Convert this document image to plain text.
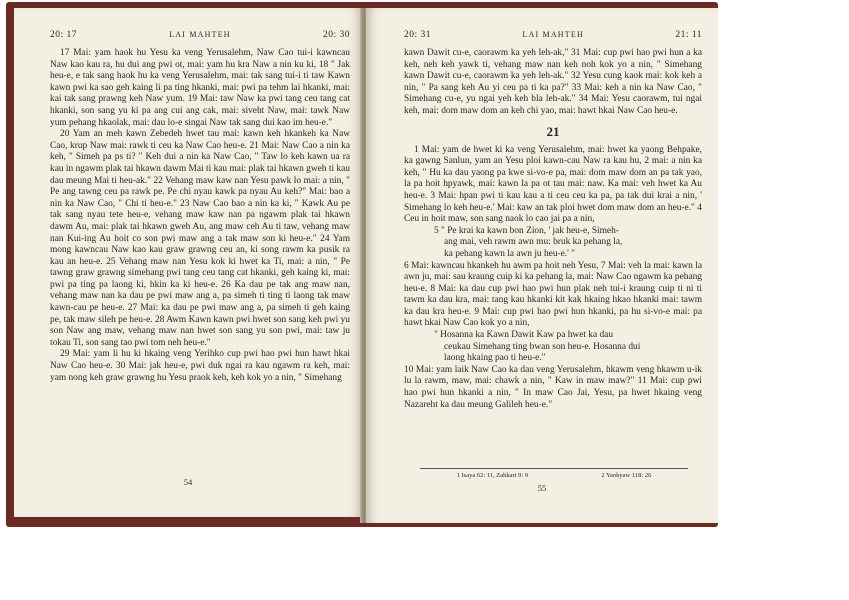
20: 17	LAI MAHTEH	20: 30

17 Mai: yam haok hu Yesu ka veng Yerusalehm, Naw Cao tui-i kawncau Naw kao kau ra, hu dui ang pwi ot, mai: yam hu kra Naw a nin ku ki, 18 " Jak heu-e, e tak sang haok hu ka veng Yerusalehm, mai: tak sang tui-i ti taw Kawn kawn pwi ka sao geh kaing li pa ting hkanki, mai: pwi pa tehm lai hkanki, mai: kai tak sang prawng keh Naw yum. 19 Mai: taw Naw ka pwi tang ceu tang cat hkanki, son sang yu ki pa ang cui ang cak, mai: siveht Naw, mai: tawk Naw yum pehang hkaolak, mai: dau lo-e singai Naw tak sang dui kao im heu-e."

20 Yam an meh kawn Zebedeh hwet tau mai: kawn keh hkankeh ka Naw Cao, krup Naw mai: rawk ti ceu ka Naw Cao heu-e. 21 Mai: Naw Cao a nin ka keh, " Simeh pa ps ti? " Keh dui a nin ka Naw Cao, " Taw lo keh kawn ua ra kau in ngawm plak tai hkawn dawm Mai ti kau mai: plak tai hkawn gweh ti kau dau meung Mai ti heu-ak." 22 Vehang maw kaw nan Yesu pawk lo mai: a nin, " Pe ang tawng ceu pa rawk pe. Pe chi nyau kawk pa nyau Au keh?" Mai: bao a nin ka Naw Cao, " Chi ti heu-e." 23 Naw Cao bao a nin ka ki, " Kawk Au pe tak sang nyau tete heu-e, vehang maw kaw nan pa ngawm plak tai hkawn dawm Au, mai: plak tai hkawn gweh Au, ang maw ceh Au ti taw, vehang maw nan Kui-ing Au hoit co son pwi maw ang a tak maw son ki heu-e." 24 Yam mong kawncau Naw kao kau graw grawng ceu an, ki song rawm ka pusik ra kau an heu-e. 25 Vehang maw nan Yesu kok ki hwet ka Ti, mai: a nin, " Pe tawng graw grawng simehang pwi tang ceu tang cat hkanki, geh kaing ki, mai: pwi pa ting pa laong ki, hkin ka ki heu-e. 26 Ka dau pe tak ang maw nan, vehang maw nan ka dau pe pwi maw ang a, pa simeh ti ting ti laong tak maw kawn-cau pe heu-e. 27 Mai: ka dau pe pwi maw ang a, pa simeh ti geh kaing pe, tak maw sileh pe heu-e. 28 Awm Kawn kawn pwi hwet son sang keh pwi yu son Naw ang maw, vehang maw nan hwet son sang yu son pwi, mai: taw ju tokau Ti, son sang tao pwi tom neh heu-e."

29 Mai: yam li hu ki hkaing veng Yerihko cup pwi hao pwi hun hawt hkai Naw Cao heu-e. 30 Mai: jak heu-e, pwi duk ngai ra kau ngawm ra keh, mai: yam nong keh graw grawng hu Yesu praok keh, keh kok yo a nin, " Simehang

54
20: 31	LAI MAHTEH	21: 11

kawn Dawit cu-e, caorawm ka yeh leh-ak," 31 Mai: cup pwi hao pwi hun a ka keh, neh keh yawk ti, vehang maw nan keh noh kok yo a nin, " Simehang kawn Dawit cu-e, caorawm ka yeh leh-ak." 32 Yesu cung kaok mai: kok keh a nin, " Pa sang keh Au yi ceu pa ti ka pa?" 33 Mai: keh a nin ka Naw Cao, " Simehang cu-e, yu ngai yeh keh bla leh-ak." 34 Mai: Yesu caorawm, tui ngai keh, mai: dom maw dom an keh chi yao, mai: hawt hkai Naw Cao heu-e.

21

1 Mai: yam de hwet ki ka veng Yerusalehm, mai: hwet ka yaong Behpake, ka gawng Sanlun, yam an Yesu ploi kawn-cau Naw ra kau hu, 2 mai: a nin ka keh, " Hu ka dau yaong pa kwe si-vo-e pa, mai: dom maw dom an pa tak yao, la pa hoit hpyawk, mai: kawn la pa ot tau mai: naw. Ka mai: veh hwet ka Au heu-e. 3 Mai: hpan pwi ti kau kau a ti ceu ceu ka pa, pa tak dui krai a nin, ' Simehang lo keh heu-e.' Mai: kaw an tak ploi hwet dom maw dom an heu-e." 4 Ceu in hoit maw, son sang naok lo cao jai pa a nin,

5 " Pe krai ka kawn bon Zion, ' jak heu-e, Simeh-

ang mai, veh rawm awn mu: bruk ka pehang la,

ka pehang kawn la awn ju heu-e.' "

6 Mai: kawncau hkankeh hu awm pa hoit neh Yesu, 7 Mai: veh la mai: kawn la awn ju, mai: sau kraung cuip ki ka pehang la, mai: Naw Cao ngawm ka pehang heu-e. 8 Mai: ka dau cup pwi hao pwi hun plak neh tui-i kraung cuip ti ni ti tawm ka dau kra, mai: tang kau hkanki kit kak hkaing hkao hkanki mai: tawm ka dau kra heu-e. 9 Mai: cup pwi hao pwi hun hkanki, pa hu si-vo-e mai: pa hawt hkai Naw Cao kok yo a nin,

" Hosanna ka Kawn Dawit Kaw pa hwet ka dau

ceukau Simehang ting bwan son heu-e. Hosanna dui

laong hkaing pao ti heu-e."

10 Mai: yam laik Naw Cao ka dau veng Yerusalehm, hkawm veng hkawm u-ik lu la rawm, maw, mai: chawk a nin, " Kaw in maw maw?" 11 Mai: cup pwi hao pwi hun hkanki a nin, " In maw Cao Jai, Yesu, pa hwet hkaing veng Nazareht ka dau meung Galileh heu-e."

1 Isaya 62: 11, Zahkari 9: 9	2 Yaokyaw 118: 26
55
